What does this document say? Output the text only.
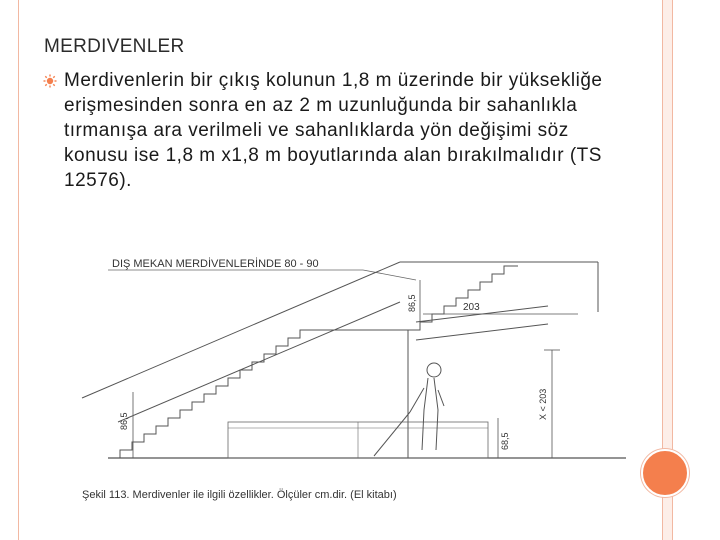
MERDIVENLER
Merdivenlerin bir çıkış kolunun 1,8 m üzerinde bir yüksekliğe erişmesinden sonra en az 2 m uzunluğunda bir sahanlıkla tırmanışa ara verilmeli ve sahanlıklarda yön değişimi söz konusu ise 1,8 m x1,8 m boyutlarında alan bırakılmalıdır (TS 12576).
DIŞ MEKAN MERDİVENLERİNDE 80 - 90
203
86,5
86,5
68,5
X < 203
Şekil 113. Merdivenler ile ilgili özellikler. Ölçüler cm.dir. (El kitabı)
